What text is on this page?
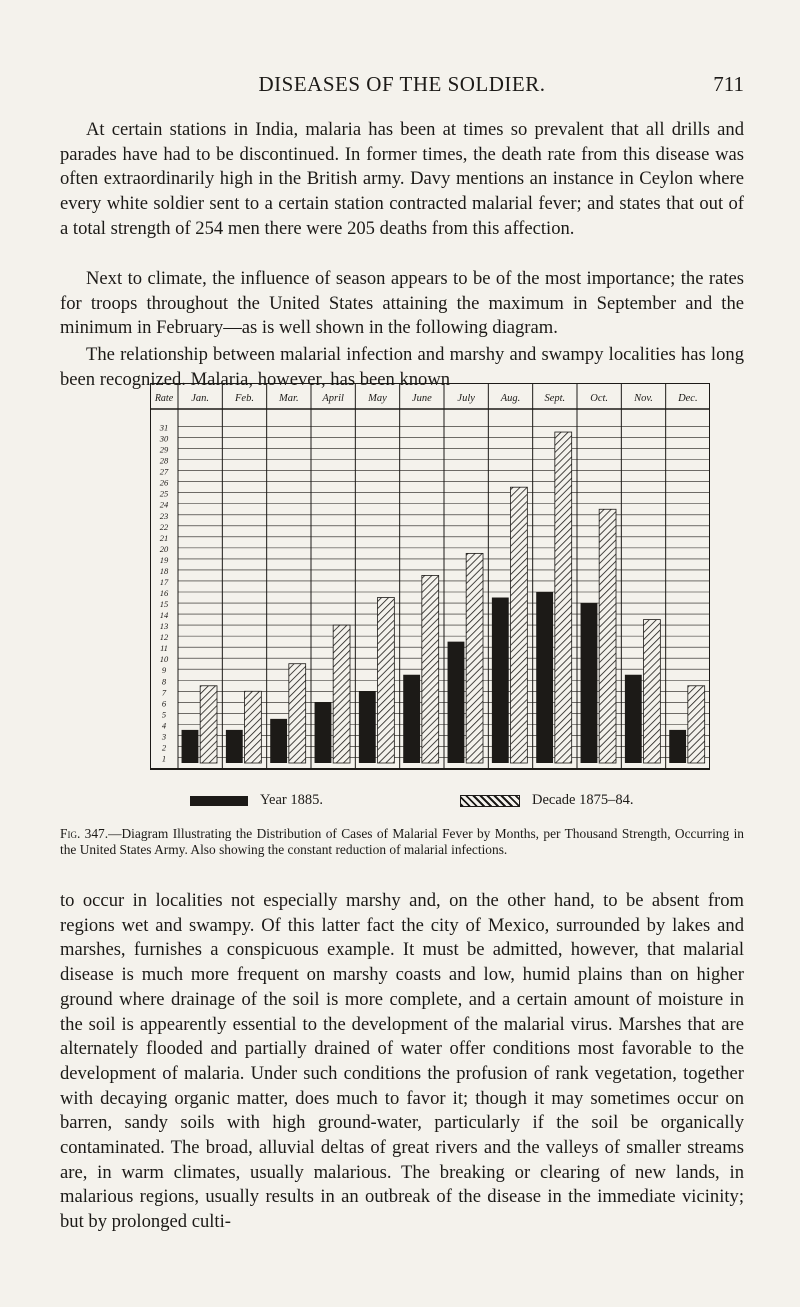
DISEASES OF THE SOLDIER.	711

At certain stations in India, malaria has been at times so prevalent that all drills and parades have had to be discontinued. In former times, the death rate from this disease was often extraordinarily high in the British army. Davy mentions an instance in Ceylon where every white soldier sent to a certain station contracted malarial fever; and states that out of a total strength of 254 men there were 205 deaths from this affection.

Next to climate, the influence of season appears to be of the most importance; the rates for troops throughout the United States attaining the maximum in September and the minimum in February—as is well shown in the following diagram.

The relationship between malarial infection and marshy and swampy localities has long been recognized. Malaria, however, has been known

Rate
31
30
29
28
27
26
25
24
23
22
21
20
19
18
17
16
15
14
13
12
11
10
9
8
7
6
5
4
3
2
1
Jan. Feb. Mar. April May June July Aug. Sept. Oct. Nov. Dec.
Year 1885.	Decade 1875–84.

Fig. 347.—Diagram Illustrating the Distribution of Cases of Malarial Fever by Months, per Thousand Strength, Occurring in the United States Army. Also showing the constant reduction of malarial infections.

to occur in localities not especially marshy and, on the other hand, to be absent from regions wet and swampy. Of this latter fact the city of Mexico, surrounded by lakes and marshes, furnishes a conspicuous example. It must be admitted, however, that malarial disease is much more frequent on marshy coasts and low, humid plains than on higher ground where drainage of the soil is more complete, and a certain amount of moisture in the soil is appearently essential to the development of the malarial virus. Marshes that are alternately flooded and partially drained of water offer conditions most favorable to the development of malaria. Under such conditions the profusion of rank vegetation, together with decaying organic matter, does much to favor it; though it may sometimes occur on barren, sandy soils with high ground-water, particularly if the soil be organically contaminated. The broad, alluvial deltas of great rivers and the valleys of smaller streams are, in warm climates, usually malarious. The breaking or clearing of new lands, in malarious regions, usually results in an outbreak of the disease in the immediate vicinity; but by prolonged culti-
